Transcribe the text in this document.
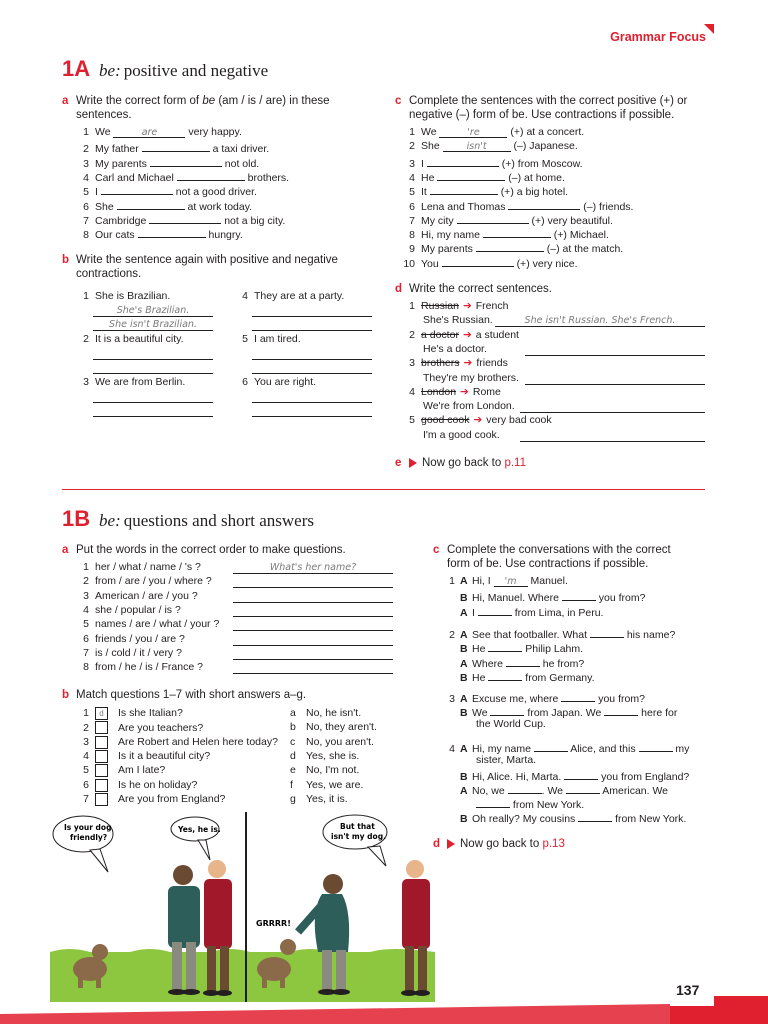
Grammar Focus
1A be: positive and negative
a Write the correct form of be (am / is / are) in these
sentences.
1 We	are	very happy.
2 My father	a taxi driver.
3 My parents	not old.
4 Carl and Michael	brothers.
5 I	not a good driver.
6 She	at work today.
7 Cambridge	not a big city.
8 Our cats	hungry.
b Write the sentence again with positive and negative
contractions.
1 She is Brazilian.
She's Brazilian.
She isn't Brazilian.
2 It is a beautiful city.
3 We are from Berlin.
4 They are at a party.
5 I am tired.
6 You are right.
c Complete the sentences with the correct positive (+) or
negative (–) form of be. Use contractions if possible.
1 We	're	(+) at a concert.
2 She	isn't	(–) Japanese.
3 I	(+) from Moscow.
4 He	(–) at home.
5 It	(+) a big hotel.
6 Lena and Thomas	(–) friends.
7 My city	(+) very beautiful.
8 Hi, my name	(+) Michael.
9 My parents	(–) at the match.
10 You	(+) very nice.
d Write the correct sentences.
1 Russian ➔ French
She's Russian.	She isn't Russian. She's French.
2 a doctor ➔ a student
He's a doctor.
3 brothers ➔ friends
They're my brothers.
4 London ➔ Rome
We're from London.
5 good cook ➔ very bad cook
I'm a good cook.
e Now go back to p.11
1B be: questions and short answers
a Put the words in the correct order to make questions.
1 her / what / name / 's ?	What's her name?
2 from / are / you / where ?
3 American / are / you ?
4 she / popular / is ?
5 names / are / what / your ?
6 friends / you / are ?
7 is / cold / it / very ?
8 from / he / is / France ?
b Match questions 1–7 with short answers a–g.
1 d Is she Italian?
2	Are you teachers?
3	Are Robert and Helen here today?
4	Is it a beautiful city?
5	Am I late?
6	Is he on holiday?
7	Are you from England?
a No, he isn't.
b No, they aren't.
c No, you aren't.
d Yes, she is.
e No, I'm not.
f Yes, we are.
g Yes, it is.
c Complete the conversations with the correct
form of be. Use contractions if possible.
1 A Hi, I 'm Manuel.
B Hi, Manuel. Where	you from?
A I	from Lima, in Peru.
2 A See that footballer. What	his name?
B He	Philip Lahm.
A Where	he from?
B He	from Germany.
3 A Excuse me, where	you from?
B We	from Japan. We	here for
the World Cup.
4 A Hi, my name	Alice, and this	my
sister, Marta.
B Hi, Alice. Hi, Marta.	you from England?
A No, we	. We	American. We
from New York.
B Oh really? My cousins	from New York.
d Now go back to p.13
Is your dog
friendly?
Yes, he is.	But that
isn't my dog.
GRRRR!
137
